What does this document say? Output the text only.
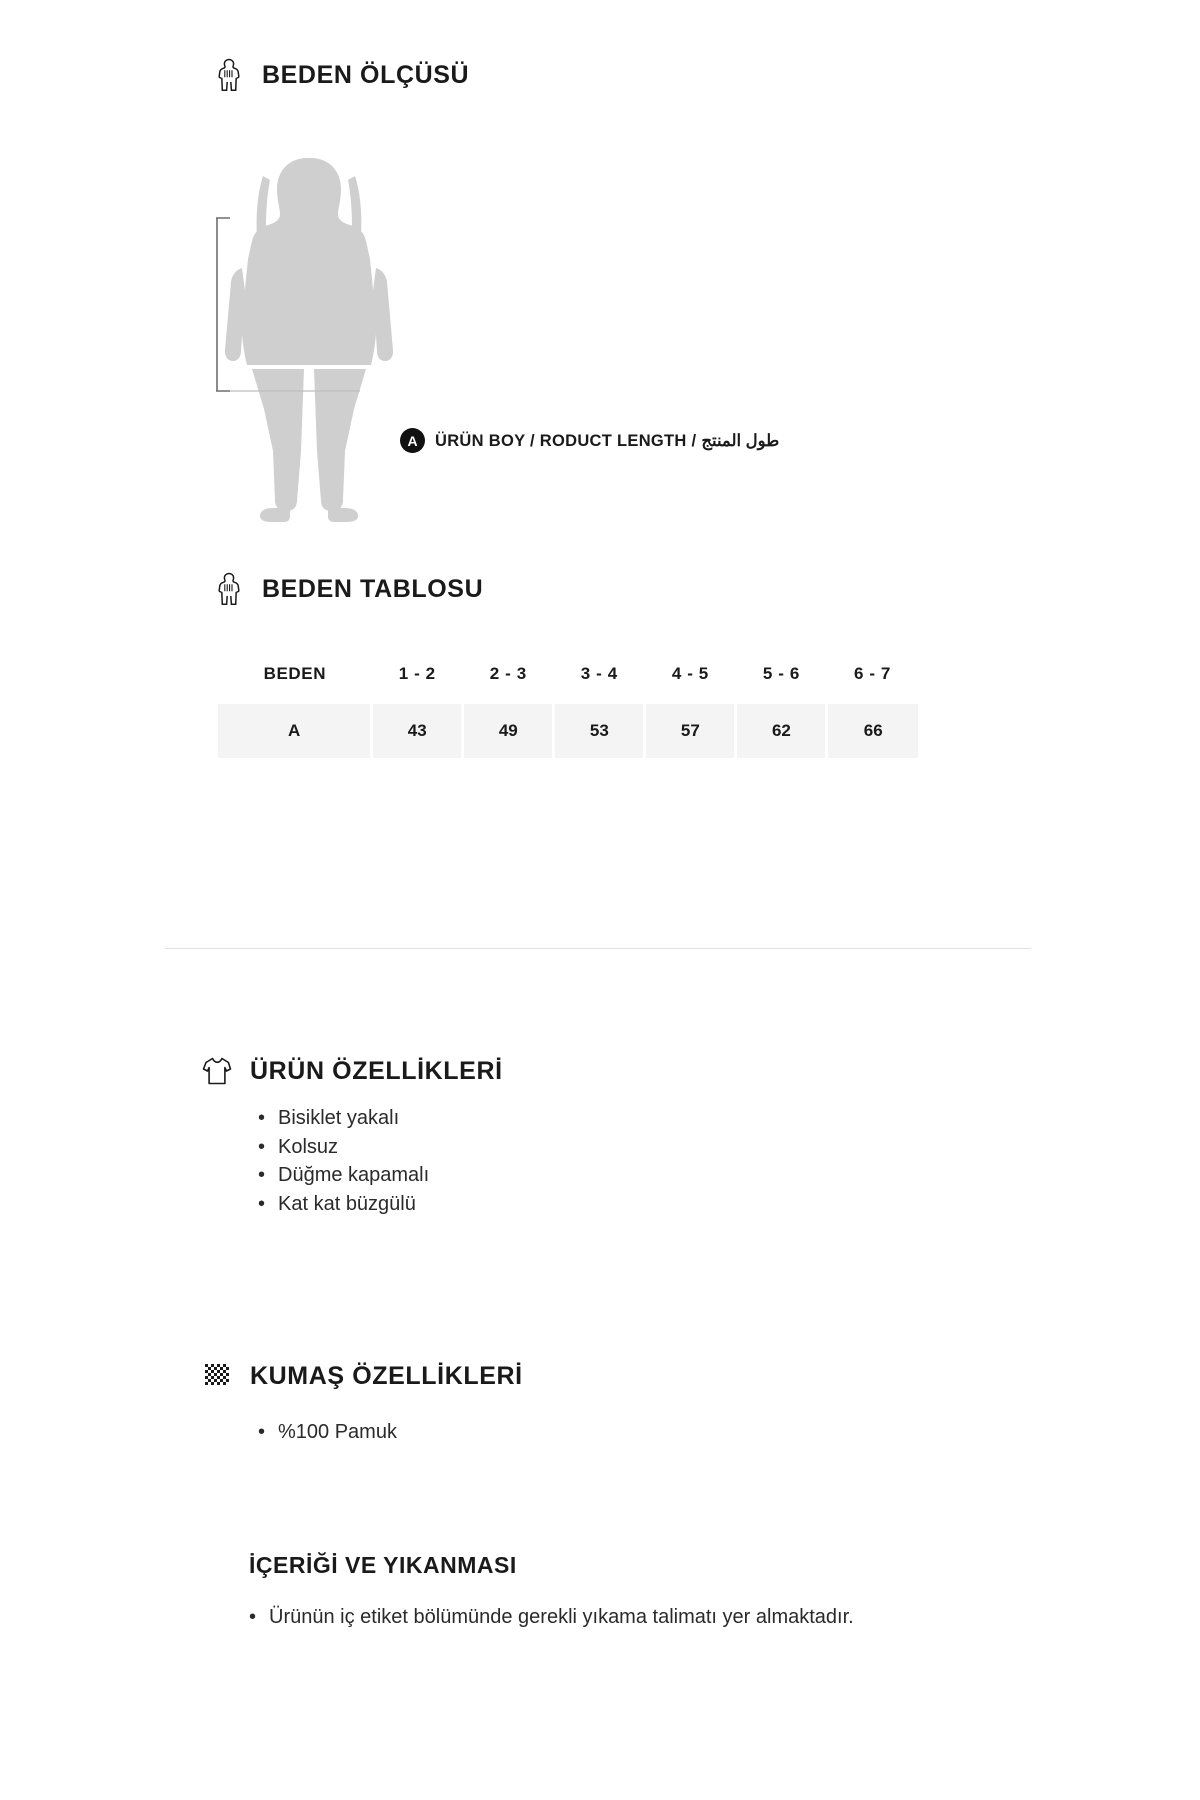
BEDEN ÖLÇÜSÜ
A	ÜRÜN BOY / RODUCT LENGTH / طول المنتج
BEDEN TABLOSU
BEDEN	1 - 2	2 - 3	3 - 4	4 - 5	5 - 6	6 - 7
A	43	49	53	57	62	66
ÜRÜN ÖZELLİKLERİ
• Bisiklet yakalı
• Kolsuz
• Düğme kapamalı
• Kat kat büzgülü
KUMAŞ ÖZELLİKLERİ
• %100 Pamuk
İÇERİĞİ VE YIKANMASI
• Ürünün iç etiket bölümünde gerekli yıkama talimatı yer almaktadır.
